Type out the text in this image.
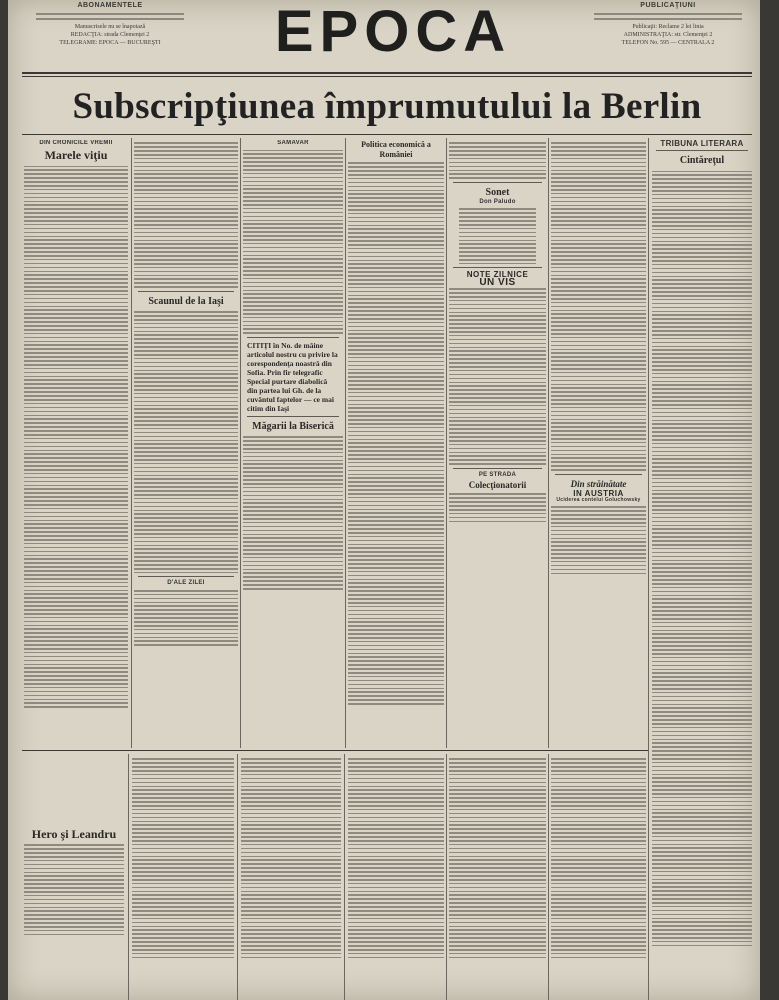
ABONAMENTELE
Manuscrisele nu se înapoiază
REDACŢIA: strada Clemenţei 2
TELEGRAME: EPOCA — BUCUREŞTI	EPOCA	PUBLICAŢIUNI
Publicaţii: Reclame 2 lei linia
ADMINISTRAŢIA: str. Clemenţei 2
TELEFON No. 595 — CENTRALA 2
Subscripţiunea împrumutului la Berlin
DIN CRONICILE VREMII
Marele viţiu
Scaunul de la Iaşi
D'ALE ZILEI
SAMAVAR
CITIŢI în No. de mâine articolul nostru cu privire la corespondenţa noastră din Sofia. Prin fir telegrafic Special purtare diabolică din partea lui Gh. de la cuvântul faptelor — ce mai citim din Iaşi
Măgarii la Biserică
Politica economică a României
Sonet
Don Paludo
NOTE ZILNICE
UN VIS
PE STRADA
Colecţionatorii	Din străinătate
IN AUSTRIA
Uciderea contelui Goluchowsky
TRIBUNA LITERARA
Cintăreţul
Hero şi Leandru
